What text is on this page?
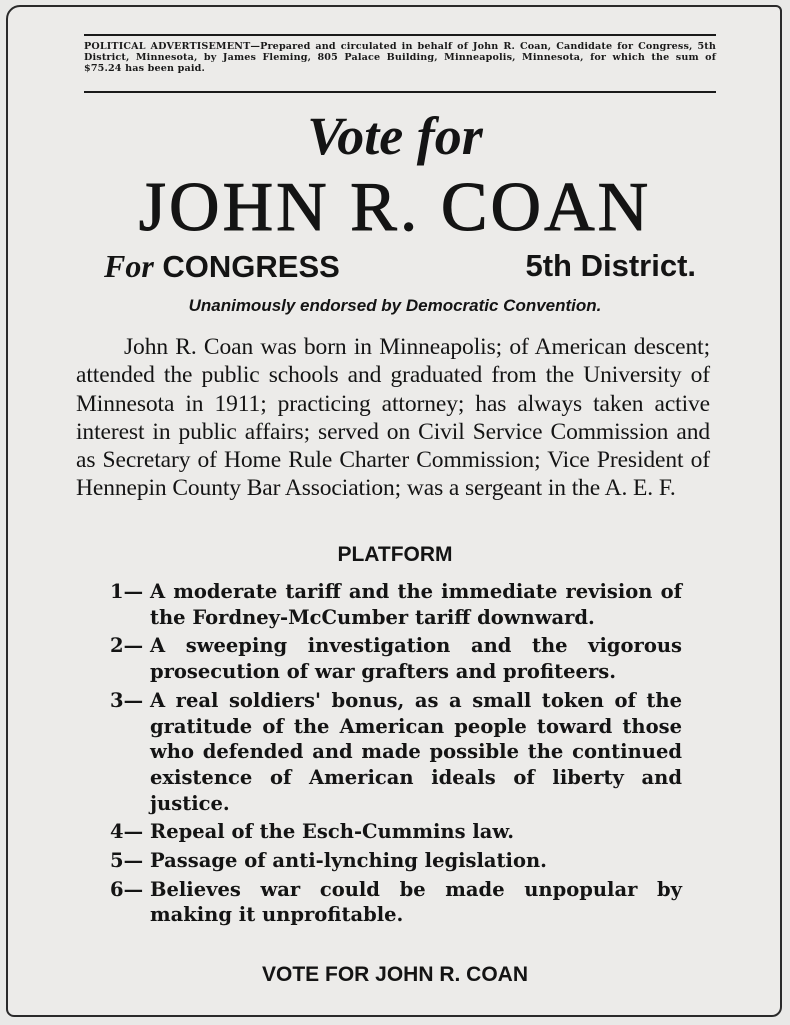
POLITICAL ADVERTISEMENT—Prepared and circulated in behalf of John R. Coan, Candidate for Congress, 5th District, Minnesota, by James Fleming, 805 Palace Building, Minneapolis, Minnesota, for which the sum of $75.24 has been paid.
Vote for
JOHN R. COAN
For CONGRESS	5th District.
Unanimously endorsed by Democratic Convention.

John R. Coan was born in Minneapolis; of American descent; attended the public schools and graduated from the University of Minnesota in 1911; practicing attorney; has always taken active interest in public affairs; served on Civil Service Commission and as Secretary of Home Rule Charter Commission; Vice President of Hennepin County Bar Association; was a sergeant in the A. E. F.

PLATFORM
1— A moderate tariff and the immediate revision of the Fordney-McCumber tariff downward.
2— A sweeping investigation and the vigorous prosecution of war grafters and profiteers.
3— A real soldiers' bonus, as a small token of the gratitude of the American people toward those who defended and made possible the continued existence of American ideals of liberty and justice.
4— Repeal of the Esch-Cummins law.
5— Passage of anti-lynching legislation.
6— Believes war could be made unpopular by making it unprofitable.
VOTE FOR JOHN R. COAN
